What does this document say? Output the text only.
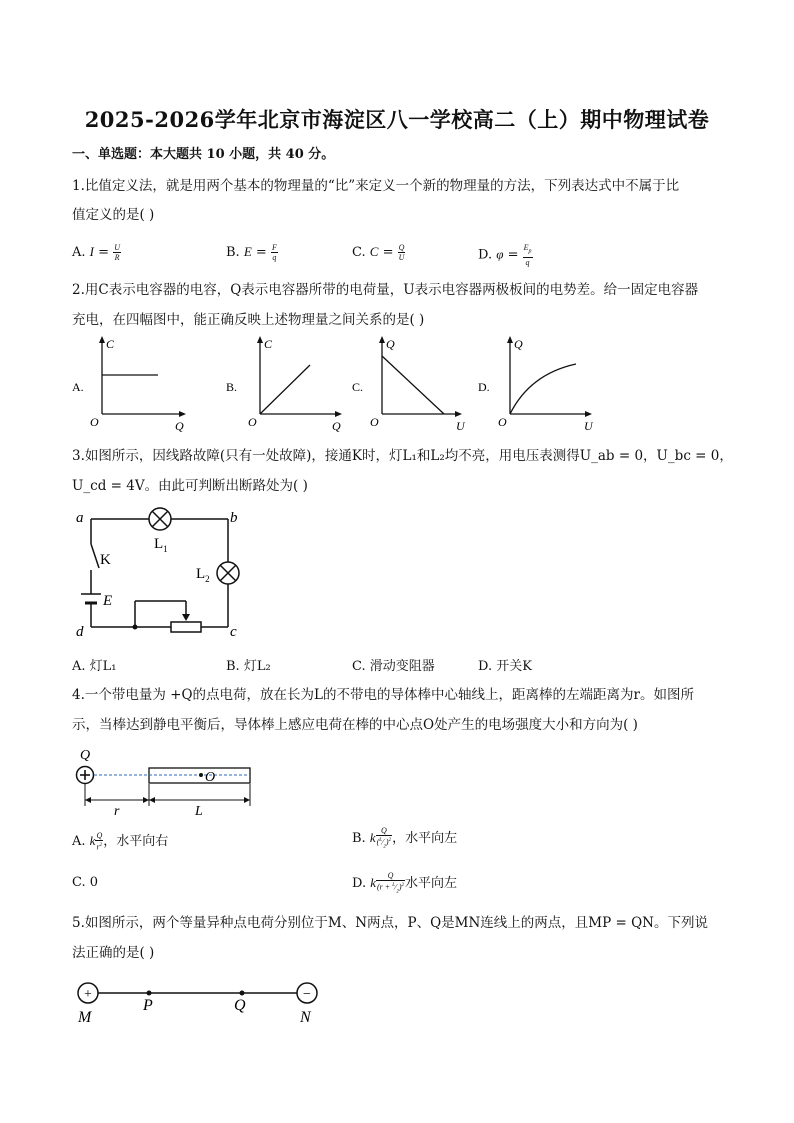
2025-2026学年北京市海淀区八一学校高二（上）期中物理试卷
一、单选题：本大题共 10 小题，共 40 分。
1.比值定义法，就是用两个基本的物理量的“比”来定义一个新的物理量的方法，下列表达式中不属于比
值定义的是( )
A. $I = \frac{U}{R}$	B. $E = \frac{F}{q}$	C. $C = \frac{Q}{U}$	D. $\varphi = \frac{E_p}{q}$
2.用C表示电容器的电容，Q表示电容器所带的电荷量，U表示电容器两极板间的电势差。给一固定电容器
充电，在四幅图中，能正确反映上述物理量之间关系的是( )
A.
C
Q
O
B.
C
Q
O
C.
Q
U
O
D.
Q
U
O
3.如图所示，因线路故障(只有一处故障)，接通K时，灯L₁和L₂均不亮，用电压表测得U_ab = 0，U_bc = 0，
U_cd = 4V。由此可判断出断路处为( )
a	b
c
d
K
E
$L_1$
$L_2$
A. 灯L₁	B. 灯L₂	C. 滑动变阻器	D. 开关K
4.一个带电量为 +Q的点电荷，放在长为L的不带电的导体棒中心轴线上，距离棒的左端距离为r。如图所
示，当棒达到静电平衡后，导体棒上感应电荷在棒的中心点O处产生的电场强度大小和方向为( )
Q
O
r	L
A. k $\frac{Q}{r^2}$ ，水平向右	B. k $\frac{Q}{(^L⁄_2)^2}$ ，水平向左
C. 0	D. k $\frac{Q}{(r + ^L⁄_2)^2}$ 水平向左
5.如图所示，两个等量异种点电荷分别位于M、N两点，P、Q是MN连线上的两点，且MP = QN。下列说
法正确的是( )
+	−
M
P	Q
N
